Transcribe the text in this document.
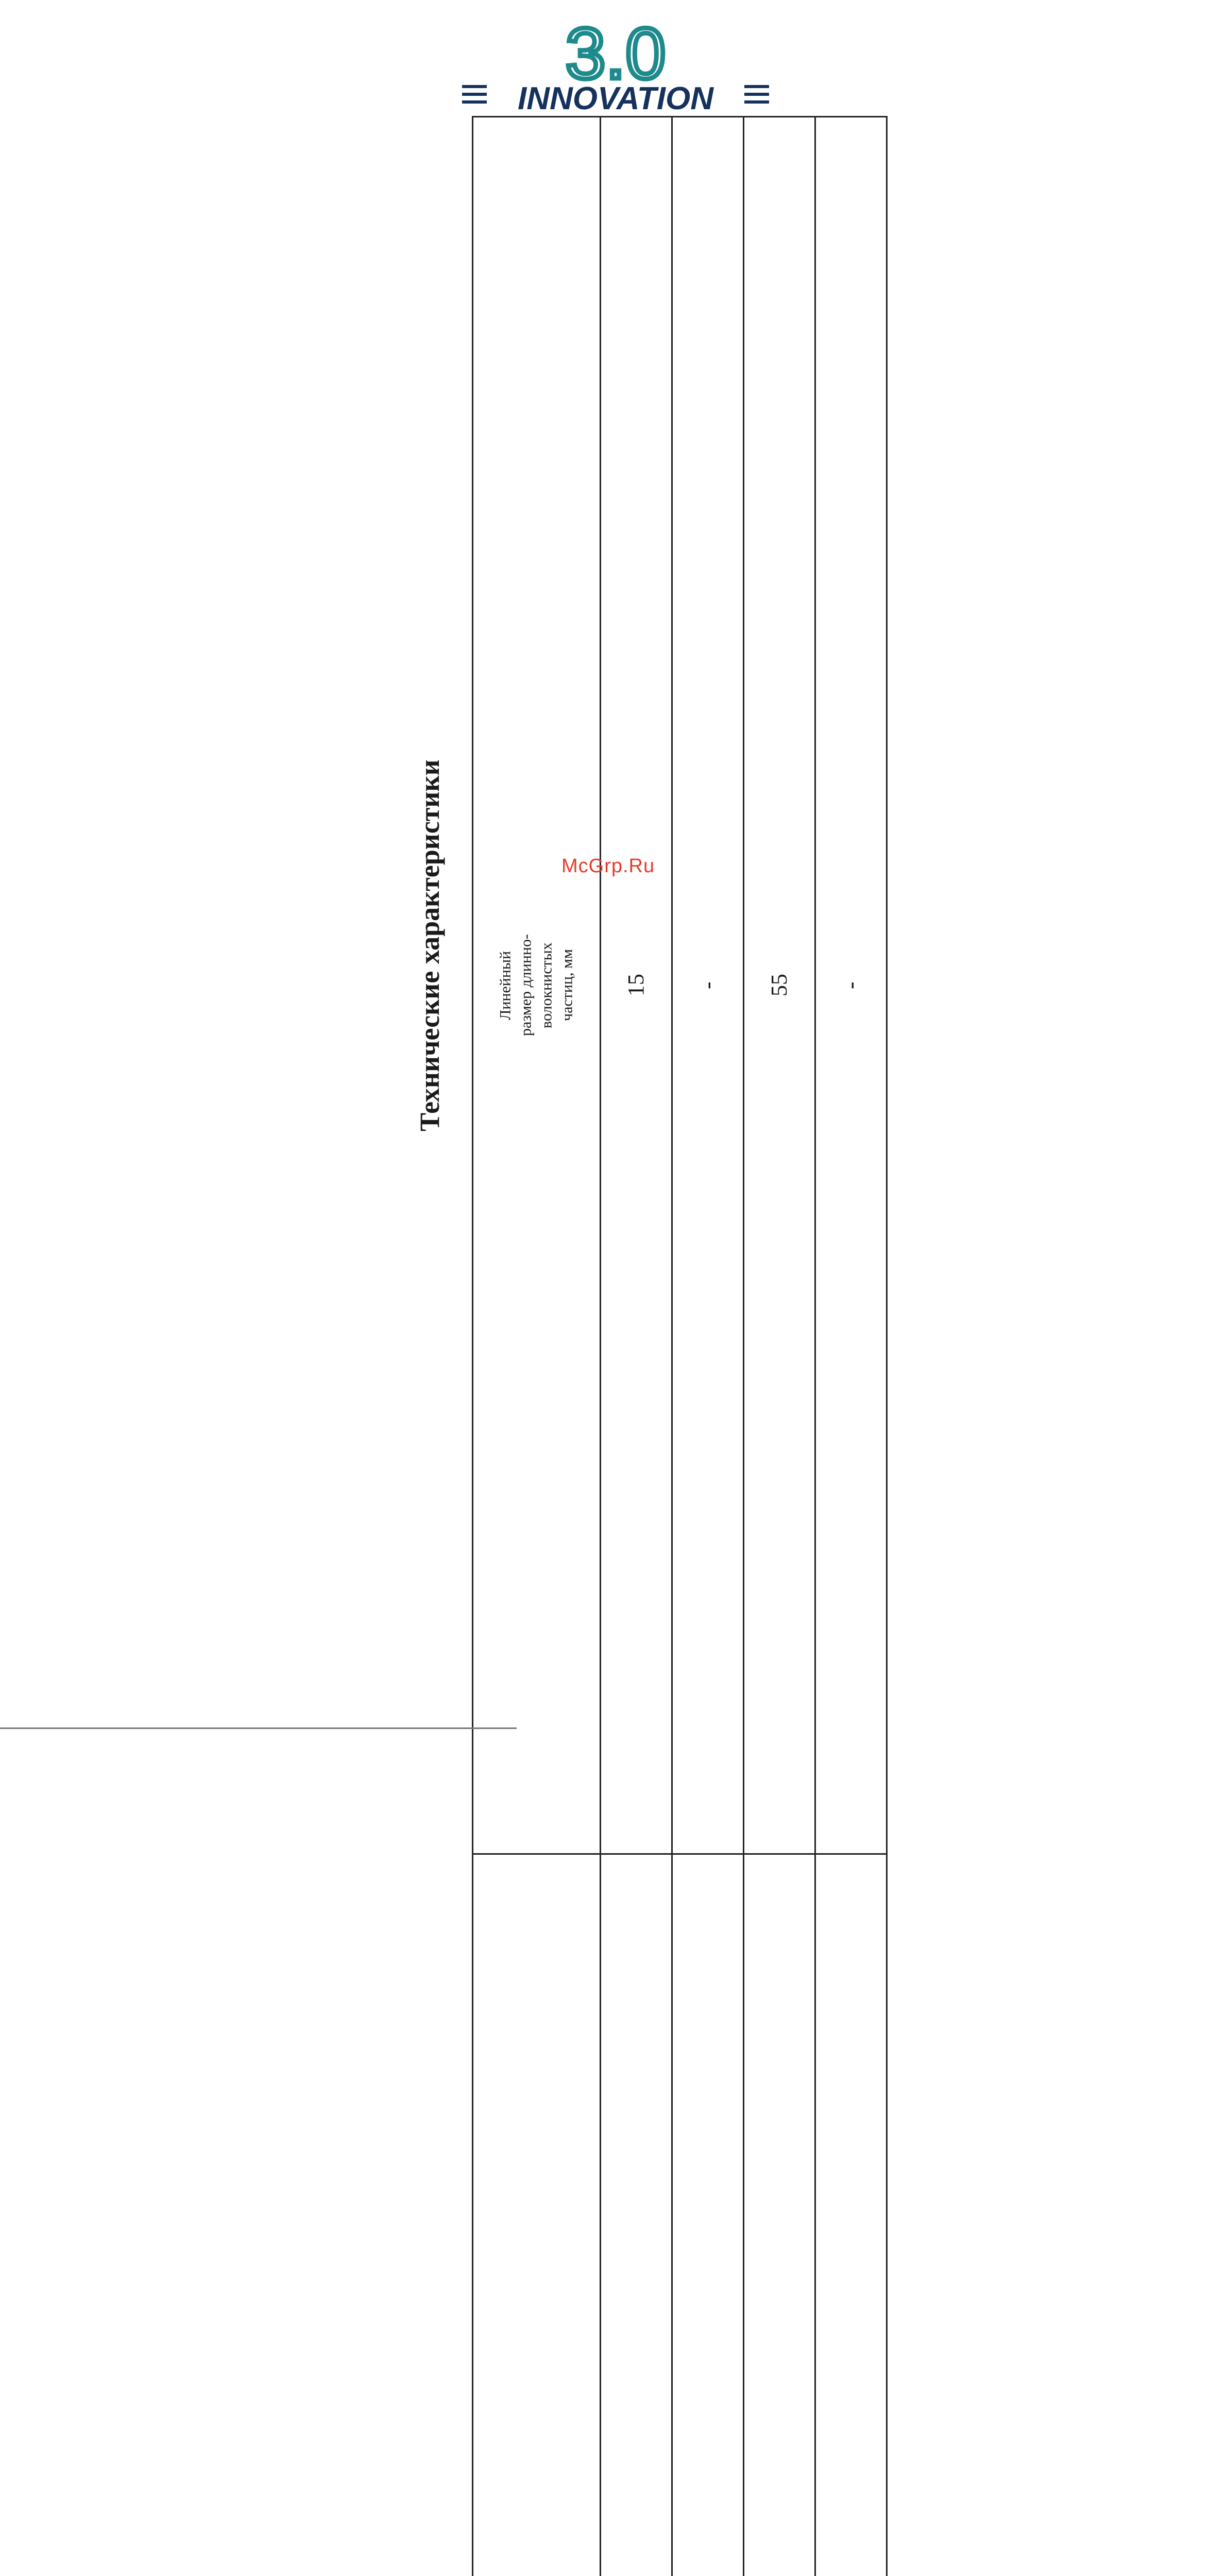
3.0
INNOVATION
Технические характеристики
Линейный размер длинно- волокнистых частиц, мм	15	-	55	-

McGrp.Ru
